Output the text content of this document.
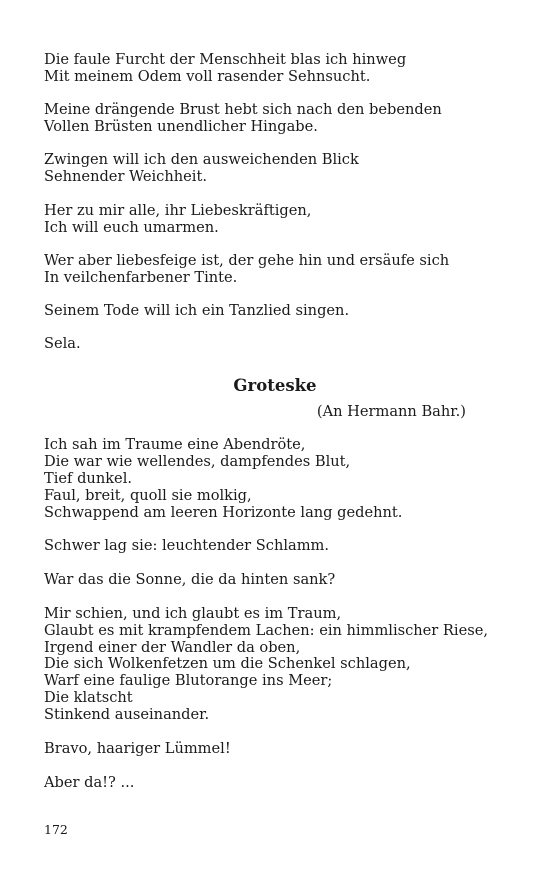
Die faule Furcht der Menschheit blas ich hinweg
Mit meinem Odem voll rasender Sehnsucht.

Meine drängende Brust hebt sich nach den bebenden
Vollen Brüsten unendlicher Hingabe.

Zwingen will ich den ausweichenden Blick
Sehnender Weichheit.

Her zu mir alle, ihr Liebeskräftigen,
Ich will euch umarmen.

Wer aber liebesfeige ist, der gehe hin und ersäufe sich
In veilchenfarbener Tinte.

Seinem Tode will ich ein Tanzlied singen.

Sela.

Groteske

(An Hermann Bahr.)

Ich sah im Traume eine Abendröte,
Die war wie wellendes, dampfendes Blut,
Tief dunkel.
Faul, breit, quoll sie molkig,
Schwappend am leeren Horizonte lang gedehnt.

Schwer lag sie: leuchtender Schlamm.

War das die Sonne, die da hinten sank?

Mir schien, und ich glaubt es im Traum,
Glaubt es mit krampfendem Lachen: ein himmlischer Riese,
Irgend einer der Wandler da oben,
Die sich Wolkenfetzen um die Schenkel schlagen,
Warf eine faulige Blutorange ins Meer;
Die klatscht
Stinkend auseinander.

Bravo, haariger Lümmel!

Aber da!? ...

172
